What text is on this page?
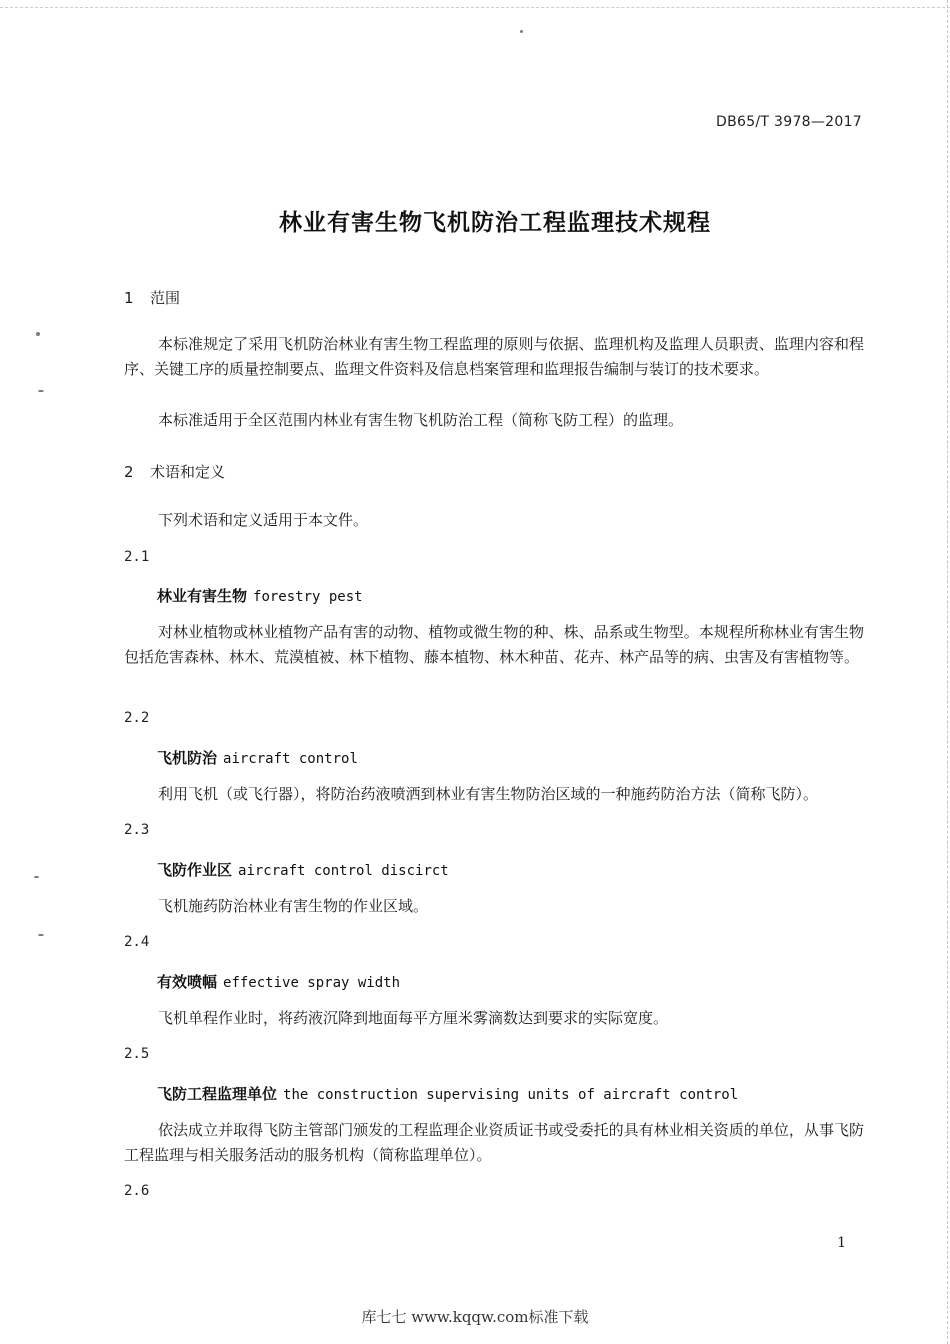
DB65/T 3978—2017
林业有害生物飞机防治工程监理技术规程
1 范围

本标准规定了采用飞机防治林业有害生物工程监理的原则与依据、监理机构及监理人员职责、监理内容和程序、关键工序的质量控制要点、监理文件资料及信息档案管理和监理报告编制与装订的技术要求。

本标准适用于全区范围内林业有害生物飞机防治工程（简称飞防工程）的监理。

2 术语和定义

下列术语和定义适用于本文件。

2.1
林业有害生物 forestry pest

对林业植物或林业植物产品有害的动物、植物或微生物的种、株、品系或生物型。本规程所称林业有害生物包括危害森林、林木、荒漠植被、林下植物、藤本植物、林木种苗、花卉、林产品等的病、虫害及有害植物等。

2.2
飞机防治 aircraft control

利用飞机（或飞行器），将防治药液喷洒到林业有害生物防治区域的一种施药防治方法（简称飞防）。

2.3
飞防作业区 aircraft control discirct

飞机施药防治林业有害生物的作业区域。

2.4
有效喷幅 effective spray width

飞机单程作业时，将药液沉降到地面每平方厘米雾滴数达到要求的实际宽度。

2.5
飞防工程监理单位 the construction supervising units of aircraft control

依法成立并取得飞防主管部门颁发的工程监理企业资质证书或受委托的具有林业相关资质的单位，从事飞防工程监理与相关服务活动的服务机构（简称监理单位）。

2.6
1
库七七 www.kqqw.com标准下载
